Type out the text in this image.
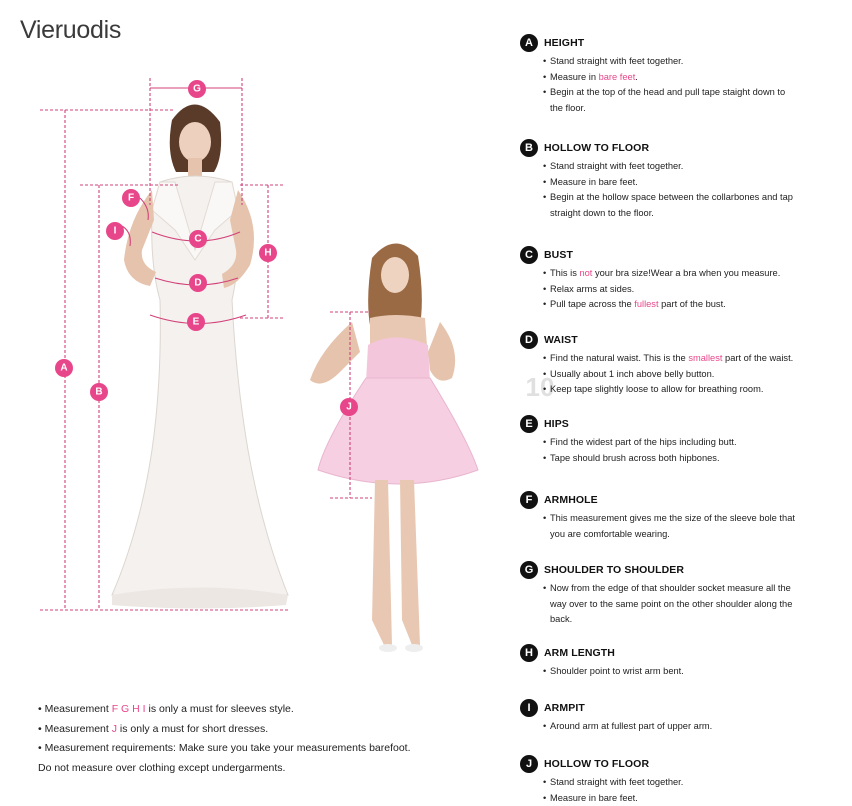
Vieruodis
A
B
C
D
E
F
G
H
I
J
10

• Measurement F G H I is only a must for sleeves style.

• Measurement J is only a must for short dresses.

• Measurement requirements: Make sure you take your measurements barefoot.

Do not measure over clothing except undergarments.

A	HEIGHT
• Stand straight with feet together.
• Measure in bare feet.
• Begin at the top of the head and pull tape staight down to
the floor.
B	HOLLOW TO FLOOR
• Stand straight with feet together.
• Measure in bare feet.
• Begin at the hollow space between the collarbones and tap
straight down to the floor.
C	BUST
• This is not your bra size!Wear a bra when you measure.
• Relax arms at sides.
• Pull tape across the fullest part of the bust.
D	WAIST
• Find the natural waist. This is the smallest part of the waist.
• Usually about 1 inch above belly button.
• Keep tape slightly loose to allow for breathing room.
E	HIPS
• Find the widest part of the hips including butt.
• Tape should brush across both hipbones.
F	ARMHOLE
• This measurement gives me the size of the sleeve bole that
you are comfortable wearing.
G	SHOULDER TO SHOULDER
• Now from the edge of that shoulder socket measure all the
way over to the same point on the other shoulder along the
back.
H	ARM LENGTH
• Shoulder point to wrist arm bent.
I	ARMPIT
• Around arm at fullest part of upper arm.
J	HOLLOW TO FLOOR
• Stand straight with feet together.
• Measure in bare feet.
